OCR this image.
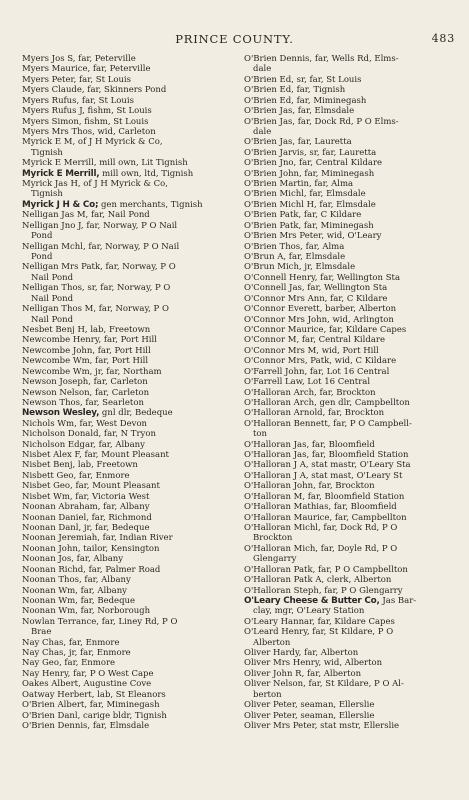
PRINCE COUNTY.	483
Myers Jos S, far, Peterville
Myers Maurice, far, Peterville
Myers Peter, far, St Louis
Myers Claude, far, Skinners Pond
Myers Rufus, far, St Louis
Myers Rufus J, fishm, St Louis
Myers Simon, fishm, St Louis
Myers Mrs Thos, wid, Carleton
Myrick E M, of J H Myrick & Co,
Tignish
Myrick E Merrill, mill own, Lit Tignish
Myrick E Merrill, mill own, ltd, Tignish
Myrick Jas H, of J H Myrick & Co,
Tignish
Myrick J H & Co; gen merchants, Tignish
Nelligan Jas M, far, Nail Pond
Nelligan Jno J, far, Norway, P O Nail
Pond
Nelligan Mchl, far, Norway, P O Nail
Pond
Nelligan Mrs Patk, far, Norway, P O
Nail Pond
Nelligan Thos, sr, far, Norway, P O
Nail Pond
Nelligan Thos M, far, Norway, P O
Nail Pond
Nesbet Benj H, lab, Freetown
Newcombe Henry, far, Port Hill
Newcombe John, far, Port Hill
Newcombe Wm, far, Port Hill
Newcombe Wm, jr, far, Northam
Newson Joseph, far, Carleton
Newson Nelson, far, Carleton
Newson Thos, far, Searleton
Newson Wesley, gnl dlr, Bedeque
Nichols Wm, far, West Devon
Nicholson Donald, far, N Tryon
Nicholson Edgar, far, Albany
Nisbet Alex F, far, Mount Pleasant
Nisbet Benj, lab, Freetown
Nisbett Geo, far, Enmore
Nisbet Geo, far, Mount Pleasant
Nisbet Wm, far, Victoria West
Noonan Abraham, far, Albany
Noonan Daniel, far, Richmond
Noonan Danl, jr, far, Bedeque
Noonan Jeremiah, far, Indian River
Noonan John, tailor, Kensington
Noonan Jos, far, Albany
Noonan Richd, far, Palmer Road
Noonan Thos, far, Albany
Noonan Wm, far, Albany
Noonan Wm, far, Bedeque
Noonan Wm, far, Norborough
Nowlan Terrance, far, Liney Rd, P O
Brae
Nay Chas, far, Enmore
Nay Chas, jr, far, Enmore
Nay Geo, far, Enmore
Nay Henry, far, P O West Cape
Oakes Albert, Augustine Cove
Oatway Herbert, lab, St Eleanors
O'Brien Albert, far, Miminegash
O'Brien Danl, carige bldr, Tignish
O'Brien Dennis, far, Elmsdale
O'Brien Dennis, far, Wells Rd, Elms-
dale
O'Brien Ed, sr, far, St Louis
O'Brien Ed, far, Tignish
O'Brien Ed, far, Miminegash
O'Brien Jas, far, Elmsdale
O'Brien Jas, far, Dock Rd, P O Elms-
dale
O'Brien Jas, far, Lauretta
O'Brien Jarvis, sr, far, Lauretta
O'Brien Jno, far, Central Kildare
O'Brien John, far, Miminegash
O'Brien Martin, far, Alma
O'Brien Michl, far, Elmsdale
O'Brien Michl H, far, Elmsdale
O'Brien Patk, far, C Kildare
O'Brien Patk, far, Miminegash
O'Brien Mrs Peter, wid, O'Leary
O'Brien Thos, far, Alma
O'Brun A, far, Elmsdale
O'Brun Mich, jr, Elmsdale
O'Connell Henry, far, Wellington Sta
O'Connell Jas, far, Wellington Sta
O'Connor Mrs Ann, far, C Kildare
O'Connor Everett, barber, Alberton
O'Connor Mrs John, wid, Arlington
O'Connor Maurice, far, Kildare Capes
O'Connor M, far, Central Kildare
O'Connor Mrs M, wid, Port Hill
O'Connor Mrs, Patk, wid, C Kildare
O'Farrell John, far, Lot 16 Central
O'Farrell Law, Lot 16 Central
O'Halloran Arch, far, Brockton
O'Halloran Arch, gen dlr, Campbellton
O'Halloran Arnold, far, Brockton
O'Halloran Bennett, far, P O Campbell-
ton
O'Halloran Jas, far, Bloomfield
O'Halloran Jas, far, Bloomfield Station
O'Halloran J A, stat mastr, O'Leary Sta
O'Halloran J A, stat mast, O'Leary St
O'Halloran John, far, Brockton
O'Halloran M, far, Bloomfield Station
O'Halloran Mathias, far, Bloomfield
O'Halloran Maurice, far, Campbellton
O'Halloran Michl, far, Dock Rd, P O
Brockton
O'Halloran Mich, far, Doyle Rd, P O
Glengarry
O'Halloran Patk, far, P O Campbellton
O'Halloran Patk A, clerk, Alberton
O'Halloran Steph, far, P O Glengarry
O'Leary Cheese & Butter Co, Jas Bar-
clay, mgr, O'Leary Station
O'Leary Hannar, far, Kildare Capes
O'Leard Henry, far, St Kildare, P O
Alberton
Oliver Hardy, far, Alberton
Oliver Mrs Henry, wid, Alberton
Oliver John R, far, Alberton
Oliver Nelson, far, St Kildare, P O Al-
berton
Oliver Peter, seaman, Ellerslie
Oliver Peter, seaman, Ellerslie
Oliver Mrs Peter, stat mstr, Ellerslie
